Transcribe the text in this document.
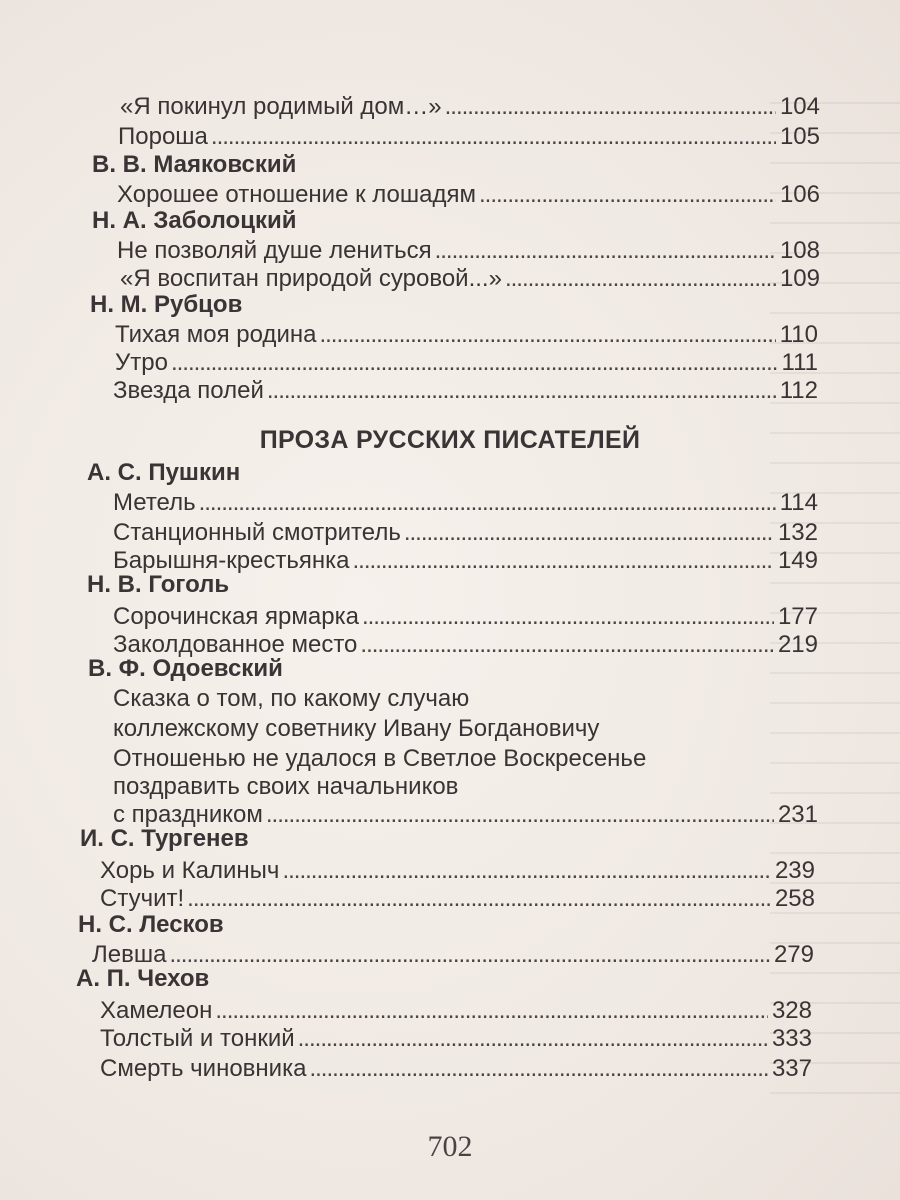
«Я покинул родимый дом…» .....	104
Пороша .....	105
В. В. Маяковский
Хорошее отношение к лошадям .....	106
Н. А. Заболоцкий
Не позволяй душе лениться .....	108
«Я воспитан природой суровой...» .....	109
Н. М. Рубцов
Тихая моя родина .....	110
Утро .....	111
Звезда полей .....	112
ПРОЗА РУССКИХ ПИСАТЕЛЕЙ
А. С. Пушкин
Метель .....	114
Станционный смотритель .....	132
Барышня-крестьянка .....	149
Н. В. Гоголь
Сорочинская ярмарка .....	177
Заколдованное место .....	219
В. Ф. Одоевский
Сказка о том, по какому случаю
коллежскому советнику Ивану Богдановичу
Отношенью не удалося в Светлое Воскресенье
поздравить своих начальников
с праздником .....	231
И. С. Тургенев
Хорь и Калиныч .....	239
Стучит! .....	258
Н. С. Лесков
Левша .....	279
А. П. Чехов
Хамелеон .....	328
Толстый и тонкий .....	333
Смерть чиновника .....	337
702
